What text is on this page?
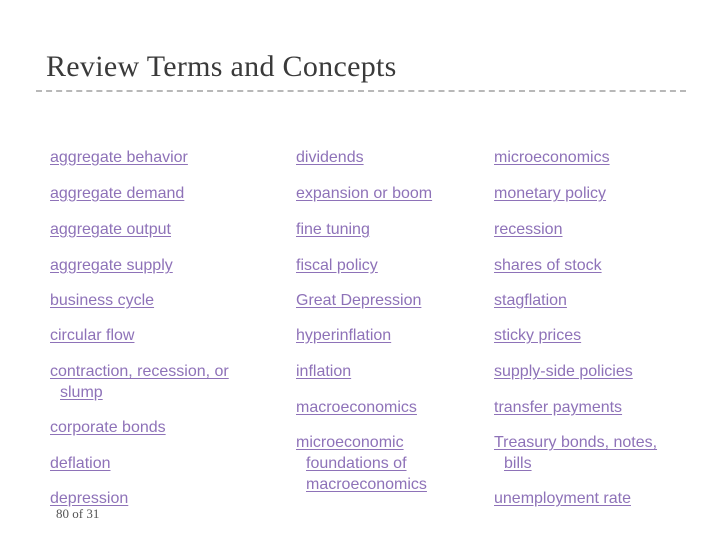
Review Terms and Concepts
aggregate behavior
aggregate demand
aggregate output
aggregate supply
business cycle
circular flow
contraction, recession, or
slump
corporate bonds
deflation
depression
dividends
expansion or boom
fine tuning
fiscal policy
Great Depression
hyperinflation
inflation
macroeconomics
microeconomic
foundations of
macroeconomics
microeconomics
monetary policy
recession
shares of stock
stagflation
sticky prices
supply-side policies
transfer payments
Treasury bonds, notes,
bills
unemployment rate
80 of 31
